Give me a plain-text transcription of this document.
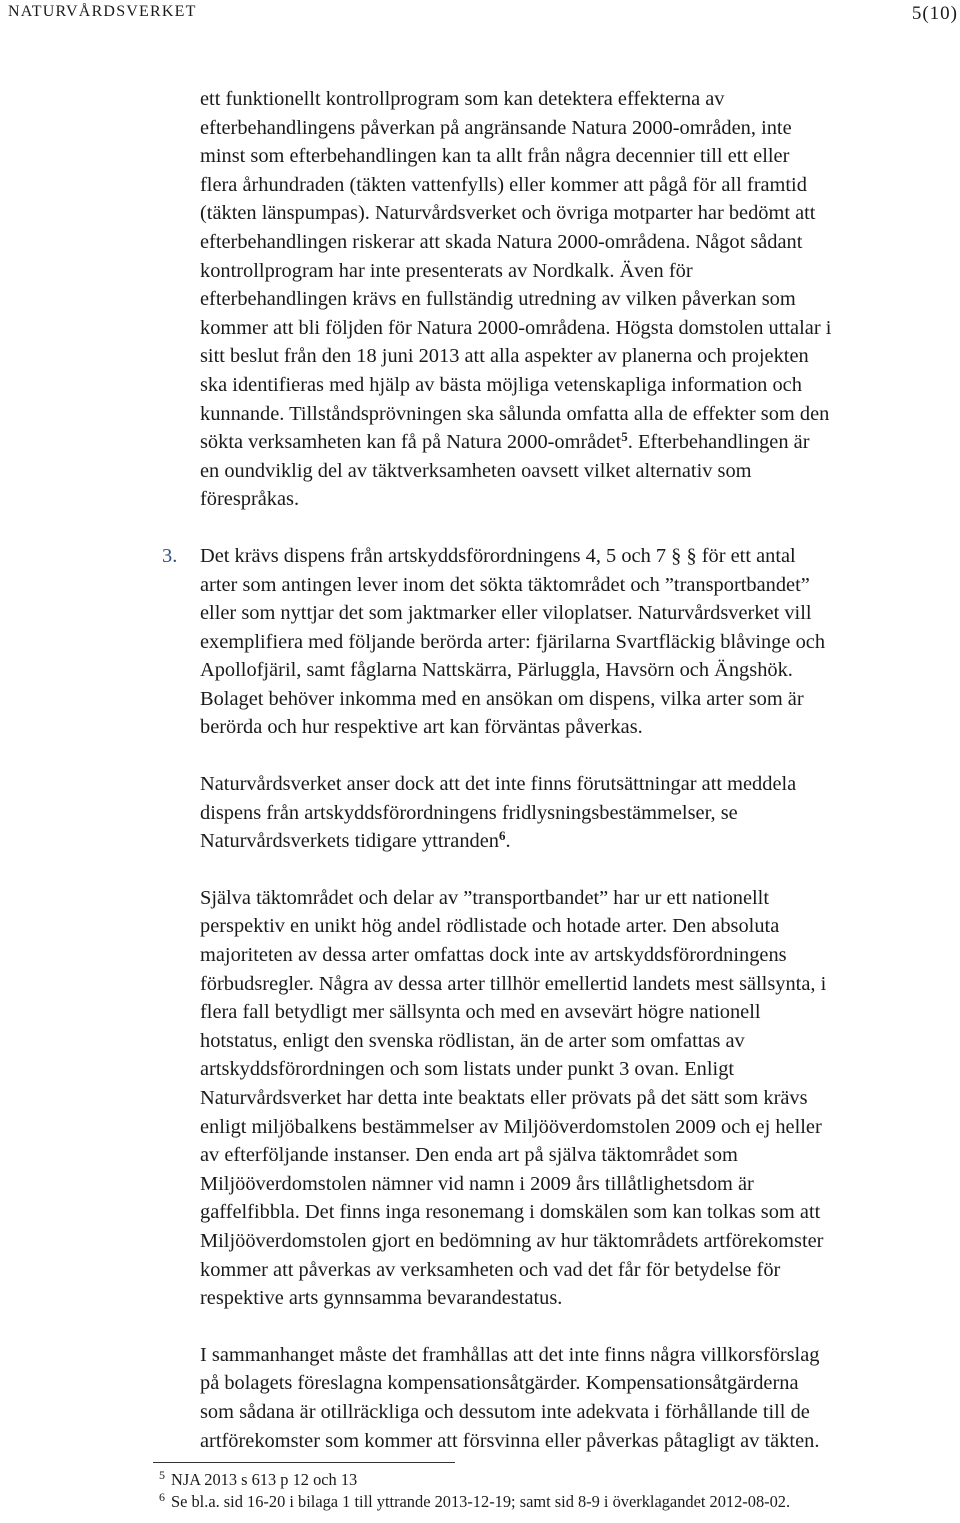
NATURVÅRDSVERKET	5(10)

ett funktionellt kontrollprogram som kan detektera effekterna av
efterbehandlingens påverkan på angränsande Natura 2000-områden, inte
minst som efterbehandlingen kan ta allt från några decennier till ett eller
flera århundraden (täkten vattenfylls) eller kommer att pågå för all framtid
(täkten länspumpas). Naturvårdsverket och övriga motparter har bedömt att
efterbehandlingen riskerar att skada Natura 2000-områdena. Något sådant
kontrollprogram har inte presenterats av Nordkalk. Även för
efterbehandlingen krävs en fullständig utredning av vilken påverkan som
kommer att bli följden för Natura 2000-områdena. Högsta domstolen uttalar i
sitt beslut från den 18 juni 2013 att alla aspekter av planerna och projekten
ska identifieras med hjälp av bästa möjliga vetenskapliga information och
kunnande. Tillståndsprövningen ska sålunda omfatta alla de effekter som den
sökta verksamheten kan få på Natura 2000-området$^5$. Efterbehandlingen är
en oundviklig del av täktverksamheten oavsett vilket alternativ som
förespråkas.

3. Det krävs dispens från artskyddsförordningens 4, 5 och 7 § § för ett antal
arter som antingen lever inom det sökta täktområdet och ”transportbandet”
eller som nyttjar det som jaktmarker eller viloplatser. Naturvårdsverket vill
exemplifiera med följande berörda arter: fjärilarna Svartfläckig blåvinge och
Apollofjäril, samt fåglarna Nattskärra, Pärluggla, Havsörn och Ängshök.
Bolaget behöver inkomma med en ansökan om dispens, vilka arter som är
berörda och hur respektive art kan förväntas påverkas.

Naturvårdsverket anser dock att det inte finns förutsättningar att meddela
dispens från artskyddsförordningens fridlysningsbestämmelser, se
Naturvårdsverkets tidigare yttranden$^6$.

Själva täktområdet och delar av ”transportbandet” har ur ett nationellt
perspektiv en unikt hög andel rödlistade och hotade arter. Den absoluta
majoriteten av dessa arter omfattas dock inte av artskyddsförordningens
förbudsregler. Några av dessa arter tillhör emellertid landets mest sällsynta, i
flera fall betydligt mer sällsynta och med en avsevärt högre nationell
hotstatus, enligt den svenska rödlistan, än de arter som omfattas av
artskyddsförordningen och som listats under punkt 3 ovan. Enligt
Naturvårdsverket har detta inte beaktats eller prövats på det sätt som krävs
enligt miljöbalkens bestämmelser av Miljööverdomstolen 2009 och ej heller
av efterföljande instanser. Den enda art på själva täktområdet som
Miljööverdomstolen nämner vid namn i 2009 års tillåtlighetsdom är
gaffelfibbla. Det finns inga resonemang i domskälen som kan tolkas som att
Miljööverdomstolen gjort en bedömning av hur täktområdets artförekomster
kommer att påverkas av verksamheten och vad det får för betydelse för
respektive arts gynnsamma bevarandestatus.

I sammanhanget måste det framhållas att det inte finns några villkorsförslag
på bolagets föreslagna kompensationsåtgärder. Kompensationsåtgärderna
som sådana är otillräckliga och dessutom inte adekvata i förhållande till de
artförekomster som kommer att försvinna eller påverkas påtagligt av täkten.

$^5$ NJA 2013 s 613 p 12 och 13
$^6$ Se bl.a. sid 16-20 i bilaga 1 till yttrande 2013-12-19; samt sid 8-9 i överklagandet 2012-08-02.
